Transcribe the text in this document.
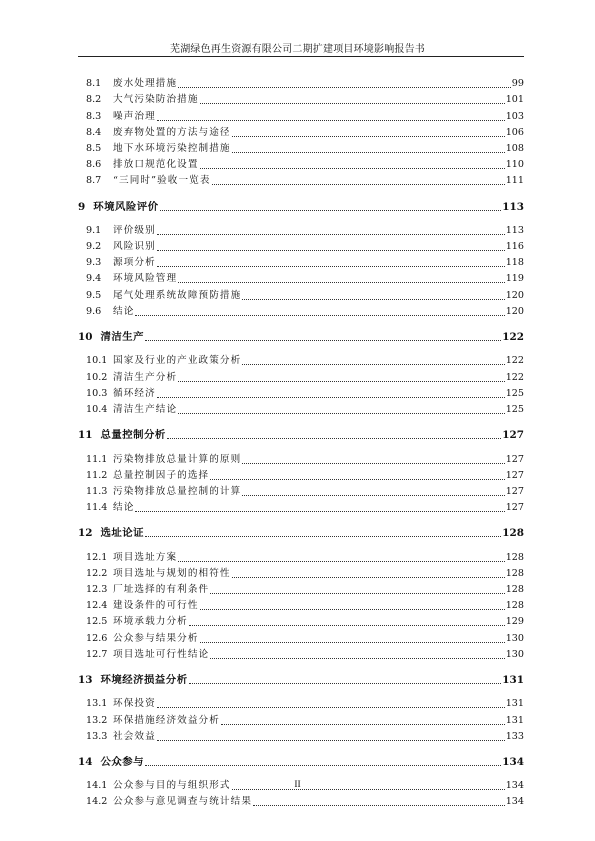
芜湖绿色再生资源有限公司二期扩建项目环境影响报告书
8.1	废水处理措施	99
8.2	大气污染防治措施	101
8.3	噪声治理	103
8.4	废弃物处置的方法与途径	106
8.5	地下水环境污染控制措施	108
8.6	排放口规范化设置	110
8.7	“三同时”验收一览表	111
9 环境风险评价	113
9.1	评价级别	113
9.2	风险识别	116
9.3	源项分析	118
9.4	环境风险管理	119
9.5	尾气处理系统故障预防措施	120
9.6	结论	120
10 清洁生产	122
10.1 国家及行业的产业政策分析	122
10.2 清洁生产分析	122
10.3 循环经济	125
10.4 清洁生产结论	125
11 总量控制分析	127
11.1 污染物排放总量计算的原则	127
11.2 总量控制因子的选择	127
11.3 污染物排放总量控制的计算	127
11.4 结论	127
12 选址论证	128
12.1 项目选址方案	128
12.2 项目选址与规划的相符性	128
12.3 厂址选择的有利条件	128
12.4 建设条件的可行性	128
12.5 环境承载力分析	129
12.6 公众参与结果分析	130
12.7 项目选址可行性结论	130
13 环境经济损益分析	131
13.1 环保投资	131
13.2 环保措施经济效益分析	131
13.3 社会效益	133
14 公众参与	134
14.1 公众参与目的与组织形式	134
14.2 公众参与意见调查与统计结果	134
II
